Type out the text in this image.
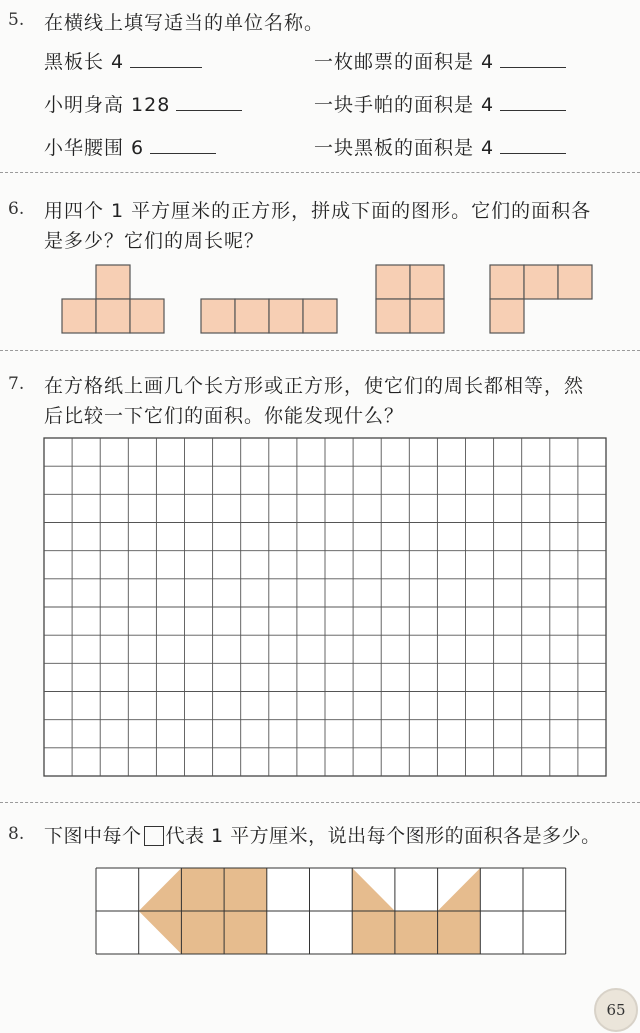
5. 在横线上填写适当的单位名称。
黑板长 4	一枚邮票的面积是 4
小明身高 128	一块手帕的面积是 4
小华腰围 6	一块黑板的面积是 4
6. 用四个 1 平方厘米的正方形，拼成下面的图形。它们的面积各
是多少？它们的周长呢？
7. 在方格纸上画几个长方形或正方形，使它们的周长都相等，然
后比较一下它们的面积。你能发现什么？
8. 下图中每个 代表 1 平方厘米，说出每个图形的面积各是多少。
65
